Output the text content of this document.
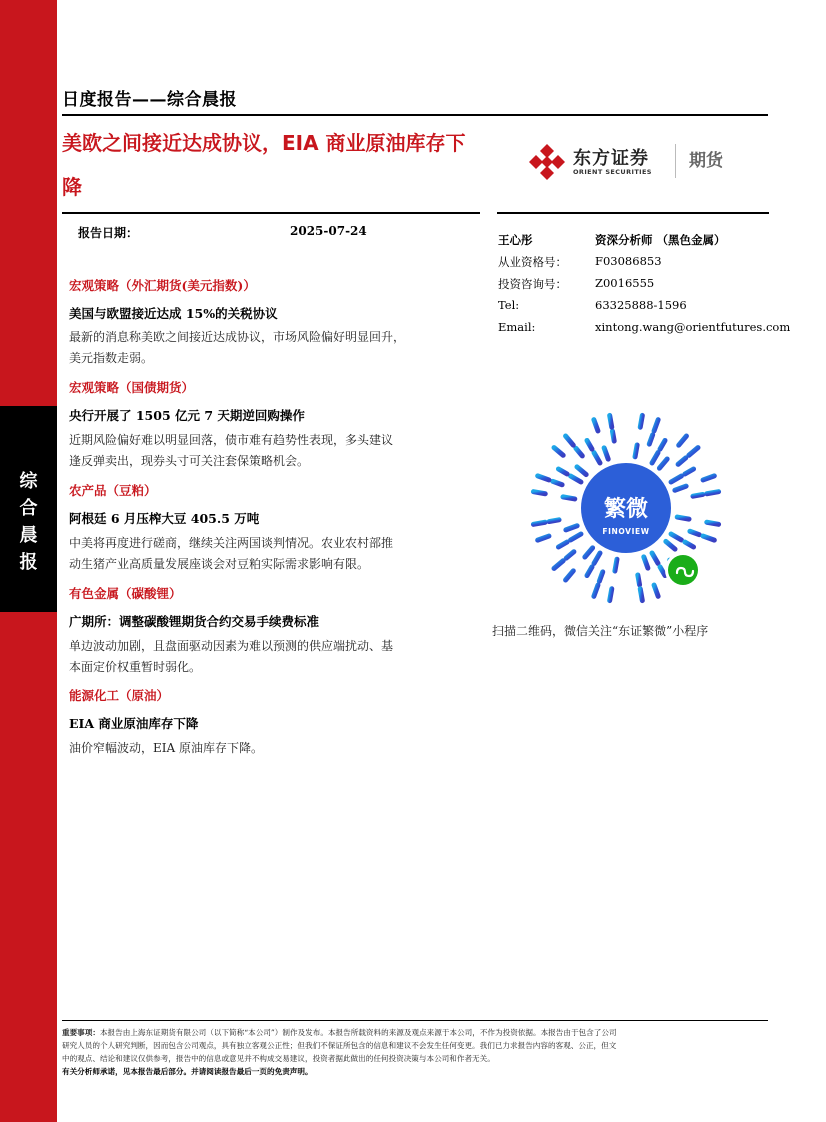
综
合
晨
报
日度报告——综合晨报
美欧之间接近达成协议，EIA 商业原油库存下
降
东方证券
ORIENT SECURITIES
期货
报告日期：	2025-07-24
王心彤	资深分析师 （黑色金属）
从业资格号： F03086853
投资咨询号： Z0016555
Tel:	63325888-1596
Email:	xintong.wang@orientfutures.com
宏观策略（外汇期货(美元指数)）
美国与欧盟接近达成 15%的关税协议
最新的消息称美欧之间接近达成协议，市场风险偏好明显回升，
美元指数走弱。
宏观策略（国债期货）
央行开展了 1505 亿元 7 天期逆回购操作
近期风险偏好难以明显回落，债市难有趋势性表现，多头建议
逢反弹卖出，现券头寸可关注套保策略机会。
农产品（豆粕）
阿根廷 6 月压榨大豆 405.5 万吨
中美将再度进行磋商，继续关注两国谈判情况。农业农村部推
动生猪产业高质量发展座谈会对豆粕实际需求影响有限。
有色金属（碳酸锂）
广期所：调整碳酸锂期货合约交易手续费标准
单边波动加剧，且盘面驱动因素为难以预测的供应端扰动、基
本面定价权重暂时弱化。
能源化工（原油）
EIA 商业原油库存下降
油价窄幅波动，EIA 原油库存下降。
繁微
FINOVIEW
扫描二维码，微信关注“东证繁微”小程序
重要事项：本报告由上海东证期货有限公司（以下简称“本公司”）制作及发布。本报告所载资料的来源及观点来源于本公司，不作为投资依据。本报告由于包含了公司
研究人员的个人研究判断，因而包含公司观点，具有独立客观公正性；但我们不保证所包含的信息和建议不会发生任何变更。我们已力求报告内容的客观、公正，但文
中的观点、结论和建议仅供参考，报告中的信息或意见并不构成交易建议，投资者据此做出的任何投资决策与本公司和作者无关。
有关分析师承诺，见本报告最后部分。并请阅读报告最后一页的免责声明。
